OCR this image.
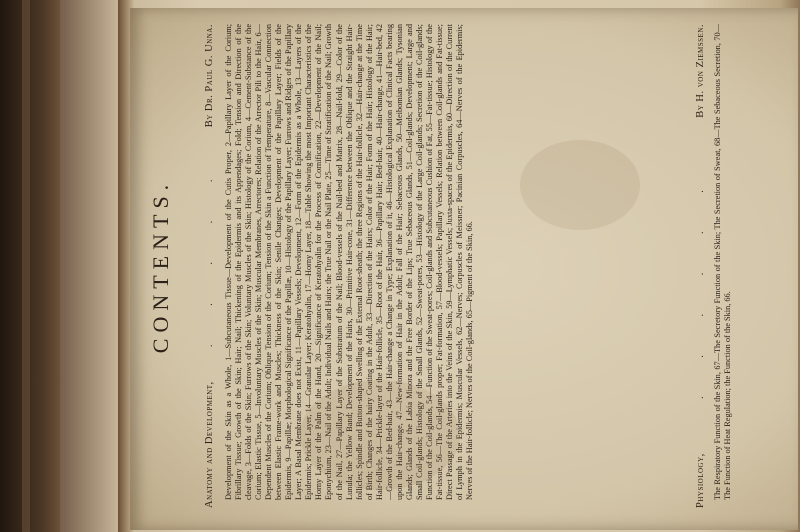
CONTENTS.
Anatomy and Development,
. . . . .
By Dr. Paul G. Unna. Development of the Skin as a Whole, 1—Subcutaneous Tissue—Development of the Cutis Proper, 2—Papillary Layer of the Corium; Fibrillary Tissue; Growth of the Skin; Hair; Nail; Thickening of the Epidermis and its Appendages; Fold; Tension and Direction of the cleavage, 3—Folds of the Skin; Furrows of the Skin; Voluntary Muscles of the Skin; Histology of the Corium, 4—Cement-Substance of the Corium; Elastic Tissue, 5—Involuntary Muscles of the Skin; Muscular Membranes, Arrectores; Relation of the Arrector Pili to the Hair, 6—Dependent Muscles of the Corium; Oblique Tension of the Corium; Tension of the Skin a Function of Temperature, 8—Vascular Connection between Elastic Frame-work and Muscles; Thickness of the Skin; Senile Changes; Development of the Papillary Layer; Fields of the Epidermis, 9—Papillæ; Morphological Significance of the Papillæ, 10—Histology of the Papillary Layer; Furrows and Ridges of the Papillary Layer; A Basal Membrane does not Exist, 11—Papillary Vessels; Development, 12—Form of the Epidermis as a Whole, 13—Layers of the Epidermis; Prickle Layer, 14—Granular Layer; Keratohyalin, 17—Horny Layer, 18—Table Showing the most Important Characteristics of the Horny Layer of the Palm of the Hand, 20—Significance of Keratohyalin for the Process of Cornification, 22—Development of the Nail; Eponychium, 23—Nail of the Adult; Individual Nails and Hairs; the True Nail or the Nail Plate, 25—Time of Stratification of the Nail; Growth of the Nail, 27—Papillary Layer of the Substratum of the Nail; Blood-vessels of the Nail-bed and Matrix, 28—Nail-fold, 29—Color of the Lunula; the Yellow Band; Development of the Hairs, 30—Primitive Hair-cone, 31—Difference between the Oblique and the Straight Hair-follicles; Spindle and Button-shaped Swelling of the External Root-sheath; the three Regions of the Hair-follicle, 32—Hair-change at the Time of Birth; Changes of the hairy Coating in the Adult, 33—Direction of the Hairs; Color of the Hair; Form of the Hair; Histology of the Hair; Hair-follicle, 34—Prickle-layer of the Hair-follicle, 35—Root of the Hair, 36—Papillary Hair; Bed-hair, 40—Hair-change, 41—Hair-bed, 42—Growth of the Bed-hair, 43—the Hair-change a Change in Type; Explanation of it, 46—Histological Explanation of Clinical Facts bearing upon the Hair-change, 47—New-formation of Hair in the Adult; Fall of the Hair; Sebaceous Glands, 50—Meibomian Glands; Tysonian Glands; Glands of the Labia Minora and the Free Border of the Lips; True Sebaceous Glands, 51—Coil-glands; Development; Large and Small Coil-glands; Histology of the Small Glands, 52—Sweat-pores, 53—Histology of the Large Coil-glands; Secretion of the Coil-glands; Function of the Coil-glands, 54—Function of the Sweat-pores; Coil-glands and Subcutaneous Cushion of Fat, 55—Fat-tissue; Histology of the Fat-tissue, 56—The Coil-glands proper; Fat-formation, 57—Blood-vessels; Papillary Vessels; Relation between Coil-glands and Fat-tissue; Direct Passage of the Arteries into the Veins of the Skin, 59—Lymphatic Vessels; Juxta-spaces of the Epidermis, 60—Direction of the Current of Lymph in the Epidermis; Muscular Vessels, 62—Nerves; Corpuscles of Meissner; Pacinian Corpuscles, 64—Nerves of the Epidermis; Nerves of the Hair-follicle; Nerves of the Coil-glands, 65—Pigment of the Skin, 66.	Physiology,
. . . . . .
By H. von Ziemssen. The Respiratory Function of the Skin, 67—The Secretory Function of the Skin; The Secretion of Sweat, 68—The Sebaceous Secretion, 70—The Function of Heat Regulation; the Function of the Skin, 66.
